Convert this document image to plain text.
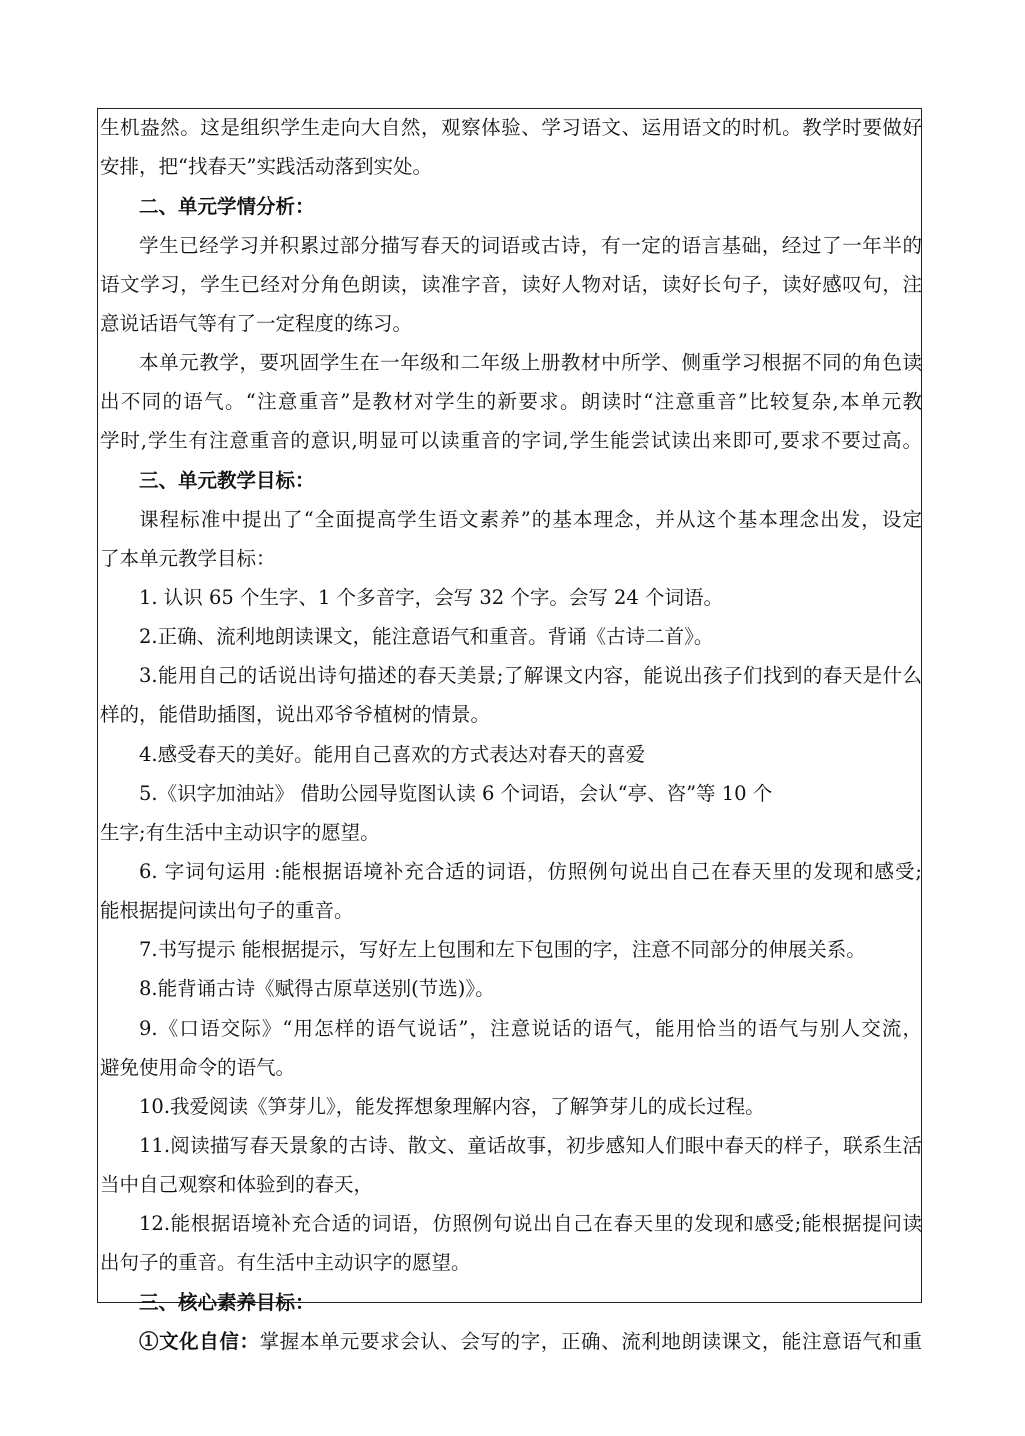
生机盎然。这是组织学生走向大自然，观察体验、学习语文、运用语文的时机。教学时要做好
安排，把“找春天”实践活动落到实处。
二、单元学情分析：
学生已经学习并积累过部分描写春天的词语或古诗，有一定的语言基础，经过了一年半的
语文学习，学生已经对分角色朗读，读准字音，读好人物对话，读好长句子，读好感叹句，注
意说话语气等有了一定程度的练习。
本单元教学，要巩固学生在一年级和二年级上册教材中所学、侧重学习根据不同的角色读
出不同的语气。“注意重音”是教材对学生的新要求。朗读时“注意重音”比较复杂,本单元教
学时,学生有注意重音的意识,明显可以读重音的字词,学生能尝试读出来即可,要求不要过高。
三、单元教学目标：
课程标准中提出了“全面提高学生语文素养”的基本理念，并从这个基本理念出发，设定
了本单元教学目标：
1. 认识 65 个生字、1 个多音字，会写 32 个字。会写 24 个词语。
2.正确、流利地朗读课文，能注意语气和重音。背诵《古诗二首》。
3.能用自己的话说出诗句描述的春天美景;了解课文内容，能说出孩子们找到的春天是什么
样的，能借助插图，说出邓爷爷植树的情景。
4.感受春天的美好。能用自己喜欢的方式表达对春天的喜爱
5.《识字加油站》 借助公园导览图认读 6 个词语，会认“亭、咨”等 10 个
生字;有生活中主动识字的愿望。
6. 字词句运用 :能根据语境补充合适的词语，仿照例句说出自己在春天里的发现和感受;
能根据提问读出句子的重音。
7.书写提示 能根据提示，写好左上包围和左下包围的字，注意不同部分的伸展关系。
8.能背诵古诗《赋得古原草送别(节选)》。
9.《口语交际》“用怎样的语气说话”，注意说话的语气，能用恰当的语气与别人交流，
避免使用命令的语气。
10.我爱阅读《笋芽儿》，能发挥想象理解内容，了解笋芽儿的成长过程。
11.阅读描写春天景象的古诗、散文、童话故事，初步感知人们眼中春天的样子，联系生活
当中自己观察和体验到的春天，
12.能根据语境补充合适的词语，仿照例句说出自己在春天里的发现和感受;能根据提问读
出句子的重音。有生活中主动识字的愿望。
三、核心素养目标：
①文化自信：掌握本单元要求会认、会写的字，正确、流利地朗读课文，能注意语气和重
